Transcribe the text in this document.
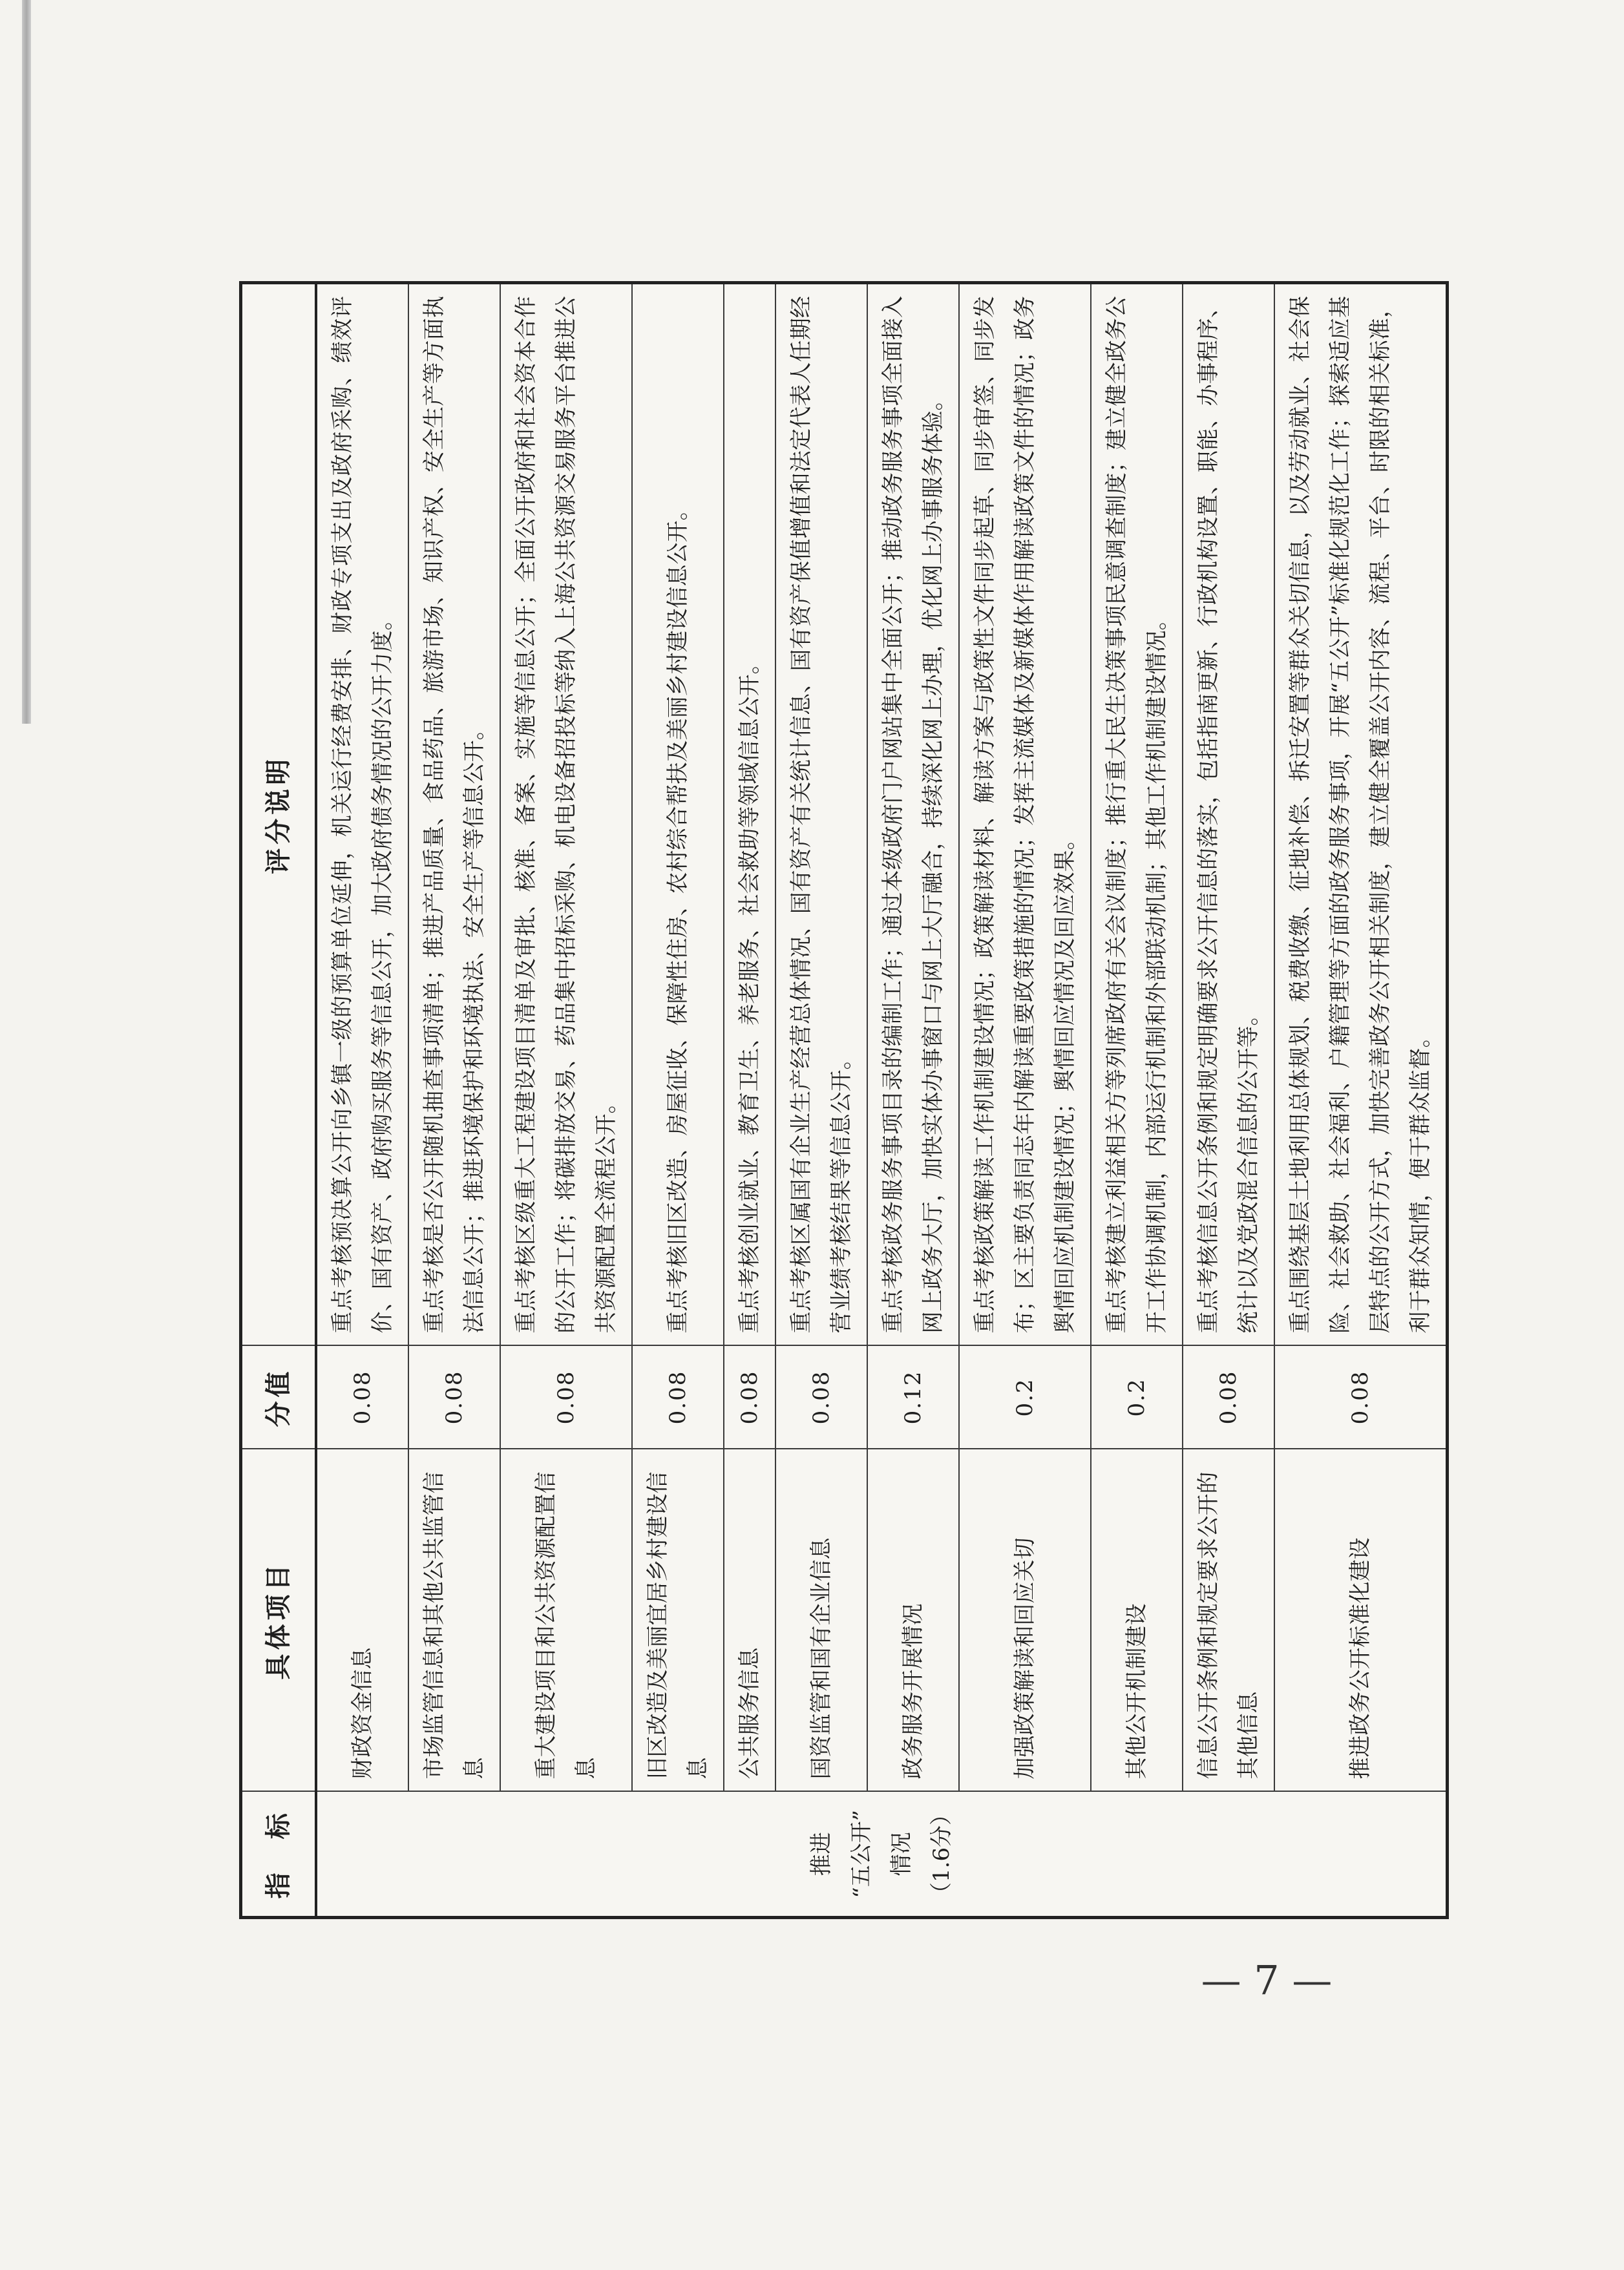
指　标	具体项目	分值	评分说明
推进
“五公开”
情况
（1.6分）	财政资金信息	0.08	重点考核预决算公开向乡镇一级的预算单位延伸，机关运行经费安排、财政专项支出及政府采购、绩效评价、国有资产、政府购买服务等信息公开，加大政府债务情况的公开力度。
	市场监管信息和其他公共监管信息	0.08	重点考核是否公开随机抽查事项清单；推进产品质量、食品药品、旅游市场、知识产权、安全生产等方面执法信息公开；推进环境保护和环境执法、安全生产等信息公开。
	重大建设项目和公共资源配置信息	0.08	重点考核区级重大工程建设项目清单及审批、核准、备案、实施等信息公开；全面公开政府和社会资本合作的公开工作；将碳排放交易、药品集中招标采购、机电设备招投标等纳入上海公共资源交易服务平台推进公共资源配置全流程公开。
	旧区改造及美丽宜居乡村建设信息	0.08	重点考核旧区改造、房屋征收、保障性住房、农村综合帮扶及美丽乡村建设信息公开。
	公共服务信息	0.08	重点考核创业就业、教育卫生、养老服务、社会救助等领域信息公开。
	国资监管和国有企业信息	0.08	重点考核区属国有企业生产经营总体情况、国有资产有关统计信息、国有资产保值增值和法定代表人任期经营业绩考核结果等信息公开。
	政务服务开展情况	0.12	重点考核政务服务事项目录的编制工作；通过本级政府门户网站集中全面公开；推动政务服务事项全面接入网上政务大厅，加快实体办事窗口与网上大厅融合，持续深化网上办理，优化网上办事服务体验。
	加强政策解读和回应关切	0.2	重点考核政策解读工作机制建设情况；政策解读材料、解读方案与政策性文件同步起草、同步审签、同步发布；区主要负责同志年内解读重要政策措施的情况；发挥主流媒体及新媒体作用解读政策文件的情况；政务舆情回应机制建设情况；舆情回应情况及回应效果。
	其他公开机制建设	0.2	重点考核建立利益相关方等列席政府有关会议制度；推行重大民生决策事项民意调查制度；建立健全政务公开工作协调机制，内部运行机制和外部联动机制；其他工作机制建设情况。
	信息公开条例和规定要求公开的其他信息	0.08	重点考核信息公开条例和规定明确要求公开信息的落实，包括指南更新、行政机构设置、职能、办事程序、统计以及党政混合信息的公开等。
	推进政务公开标准化建设	0.08	重点围绕基层土地利用总体规划、税费收缴、征地补偿、拆迁安置等群众关切信息，以及劳动就业、社会保险、社会救助、社会福利、户籍管理等方面的政务服务事项，开展“五公开”标准化规范化工作；探索适应基层特点的公开方式，加快完善政务公开相关制度，建立健全覆盖公开内容、流程、平台、时限的相关标准，利于群众知情，便于群众监督。
— 7 —
